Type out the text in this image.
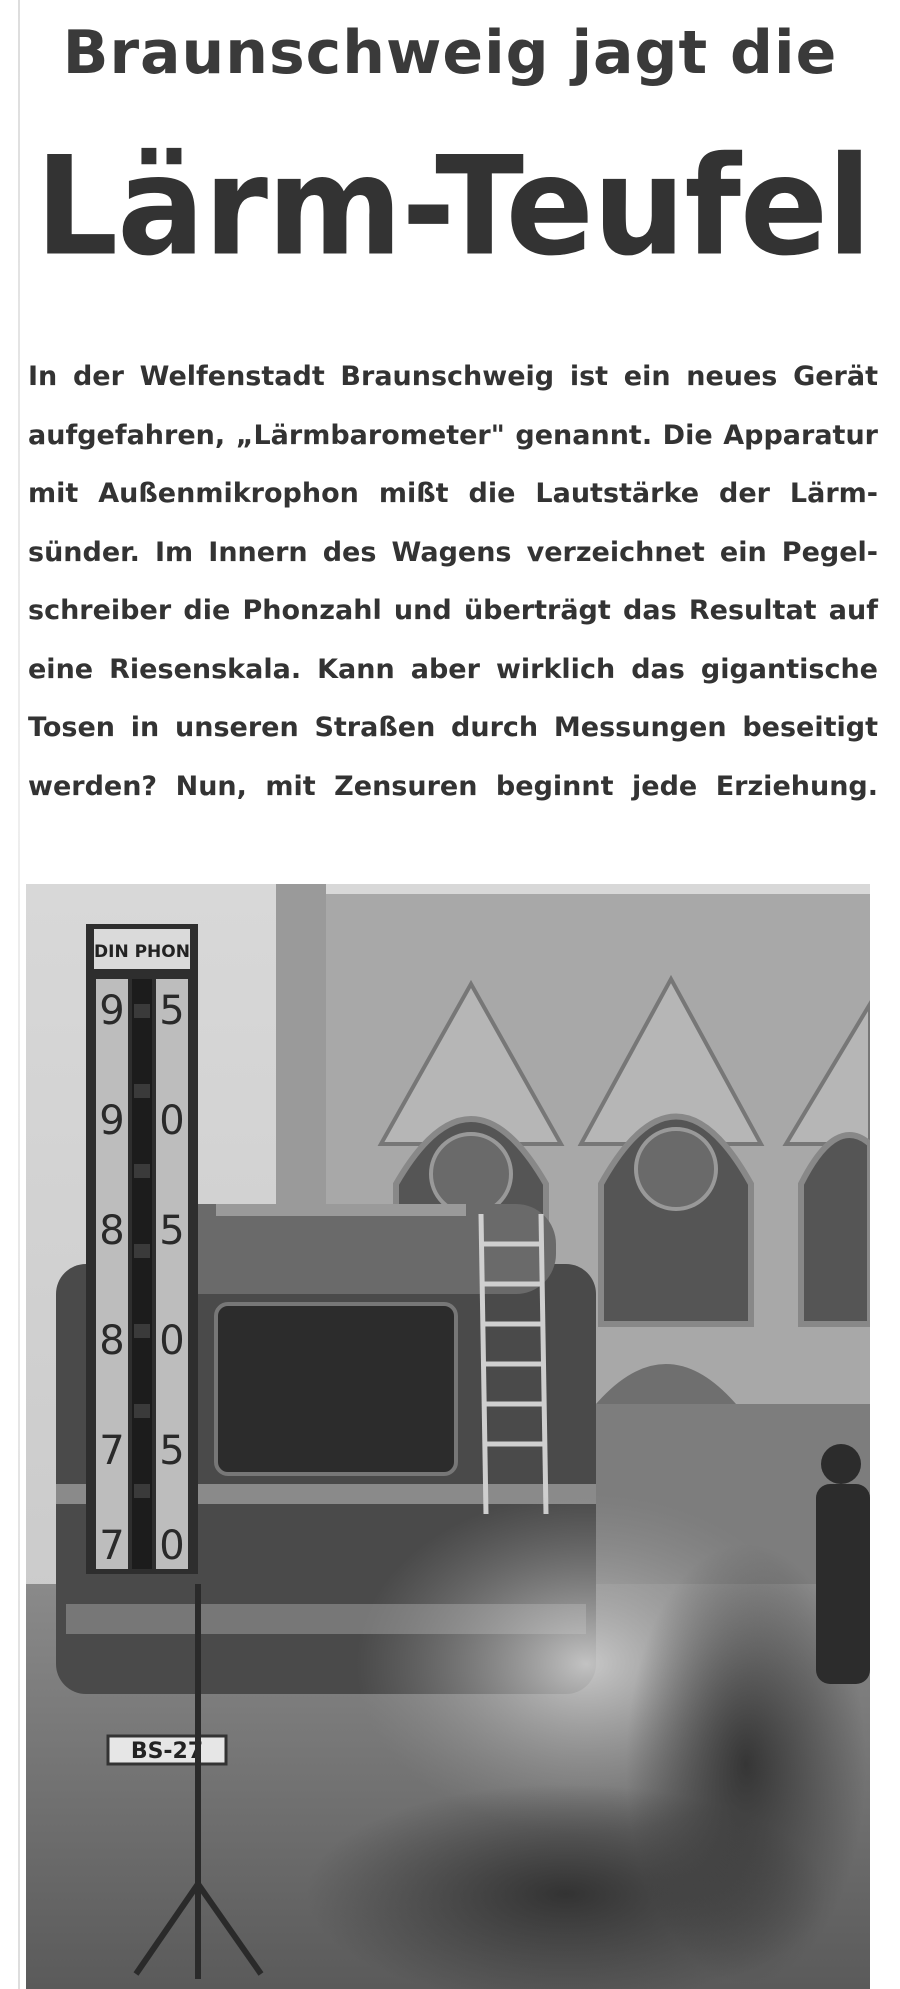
Braunschweig jagt die
Lärm-Teufel
In der Welfenstadt Braunschweig ist ein neues Gerät
aufgefahren, „Lärmbarometer" genannt. Die Apparatur
mit Außenmikrophon mißt die Lautstärke der Lärm-
sünder. Im Innern des Wagens verzeichnet ein Pegel-
schreiber die Phonzahl und überträgt das Resultat auf
eine Riesenskala. Kann aber wirklich das gigantische
Tosen in unseren Straßen durch Messungen beseitigt
werden? Nun, mit Zensuren beginnt jede Erziehung.
BS-27
DIN PHON
9
9
8
8
7
7
5
0
5
0
5
0
